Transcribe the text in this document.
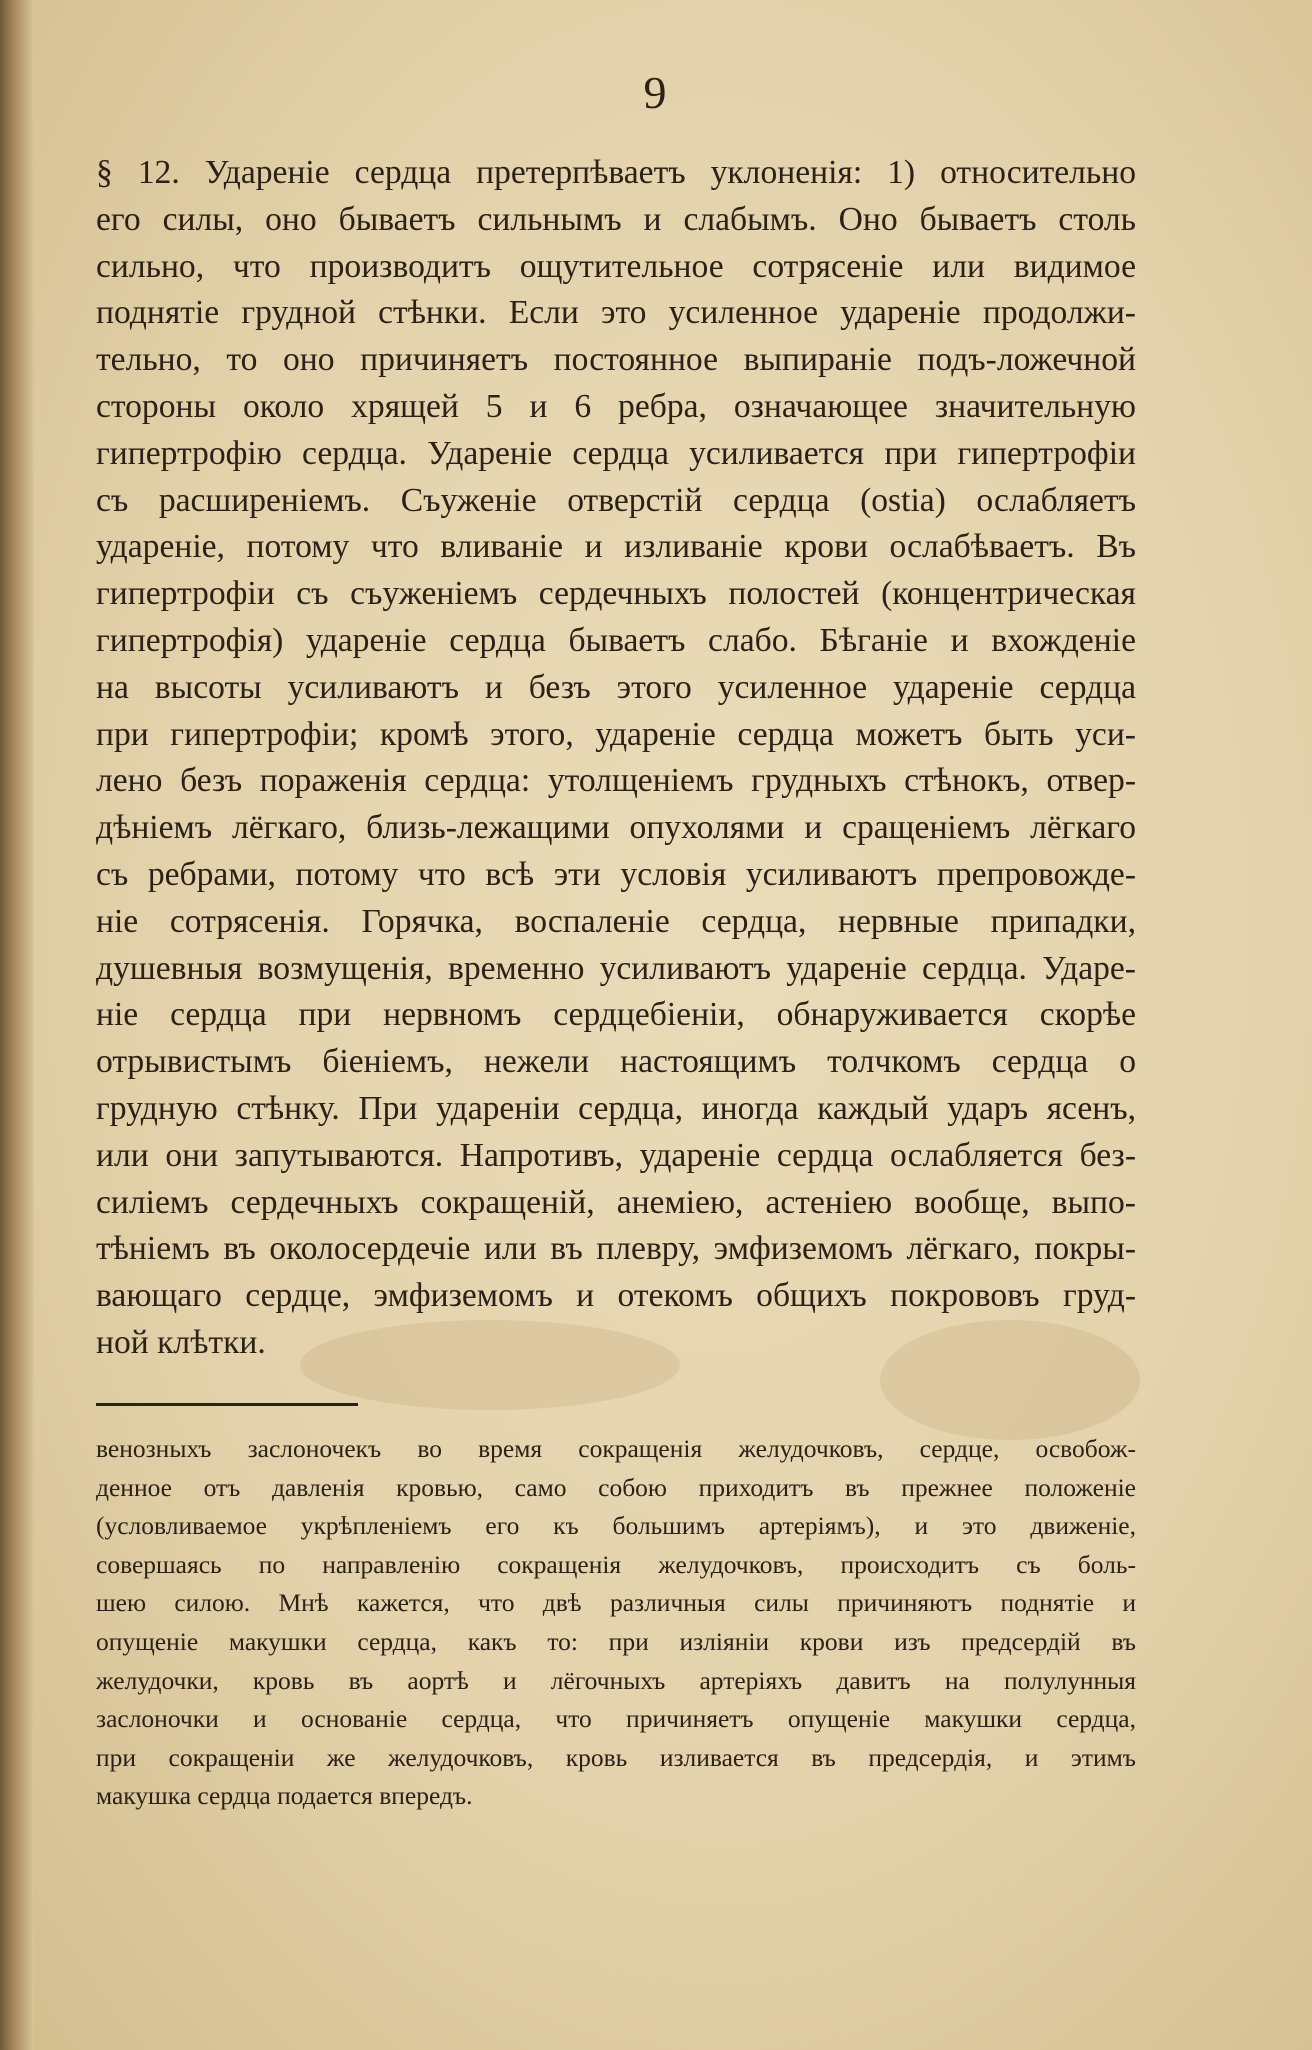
9

§ 12. Удареніе сердца претерпѣваетъ уклоненія: 1) относительно
его силы, оно бываетъ сильнымъ и слабымъ. Оно бываетъ столь
сильно, что производитъ ощутительное сотрясеніе или видимое
поднятіе грудной стѣнки. Если это усиленное удареніе продолжи-
тельно, то оно причиняетъ постоянное выпираніе подъ-ложечной
стороны около хрящей 5 и 6 ребра, означающее значительную
гипертрофію сердца. Удареніе сердца усиливается при гипертрофіи
съ расширеніемъ. Съуженіе отверстій сердца (ostia) ослабляетъ
удареніе, потому что вливаніе и изливаніе крови ослабѣваетъ. Въ
гипертрофіи съ съуженіемъ сердечныхъ полостей (концентрическая
гипертрофія) удареніе сердца бываетъ слабо. Бѣганіе и вхожденіе
на высоты усиливаютъ и безъ этого усиленное удареніе сердца
при гипертрофіи; кромѣ этого, удареніе сердца можетъ быть уси-
лено безъ пораженія сердца: утолщеніемъ грудныхъ стѣнокъ, отвер-
дѣніемъ лёгкаго, близь-лежащими опухолями и сращеніемъ лёгкаго
съ ребрами, потому что всѣ эти условія усиливаютъ препровожде-
ніе сотрясенія. Горячка, воспаленіе сердца, нервные припадки,
душевныя возмущенія, временно усиливаютъ удареніе сердца. Ударе-
ніе сердца при нервномъ сердцебіеніи, обнаруживается скорѣе
отрывистымъ біеніемъ, нежели настоящимъ толчкомъ сердца о
грудную стѣнку. При удареніи сердца, иногда каждый ударъ ясенъ,
или они запутываются. Напротивъ, удареніе сердца ослабляется без-
силіемъ сердечныхъ сокращеній, анеміею, астеніею вообще, выпо-
тѣніемъ въ околосердечіе или въ плевру, эмфиземомъ лёгкаго, покры-
вающаго сердце, эмфиземомъ и отекомъ общихъ покрововъ груд-
ной клѣтки.

венозныхъ заслоночекъ во время сокращенія желудочковъ, сердце, освобож-
денное отъ давленія кровью, само собою приходитъ въ прежнее положеніе
(условливаемое укрѣпленіемъ его къ большимъ артеріямъ), и это движеніе,
совершаясь по направленію сокращенія желудочковъ, происходитъ съ боль-
шею силою. Мнѣ кажется, что двѣ различныя силы причиняютъ поднятіе и
опущеніе макушки сердца, какъ то: при изліяніи крови изъ предсердій въ
желудочки, кровь въ аортѣ и лёгочныхъ артеріяхъ давитъ на полулунныя
заслоночки и основаніе сердца, что причиняетъ опущеніе макушки сердца,
при сокращеніи же желудочковъ, кровь изливается въ предсердія, и этимъ
макушка сердца подается впередъ.
